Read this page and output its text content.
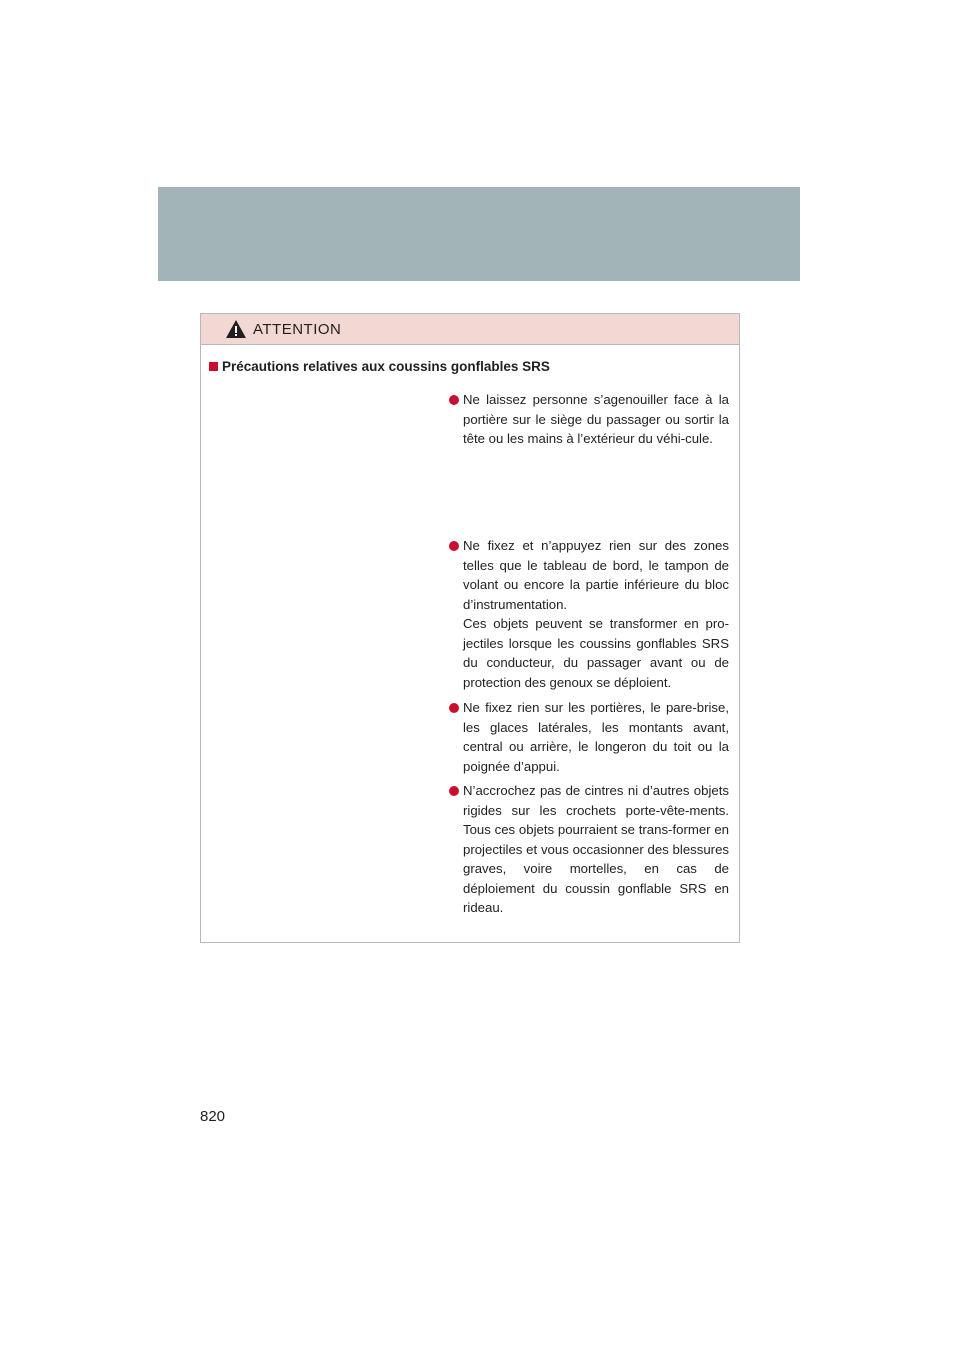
ATTENTION
Précautions relatives aux coussins gonflables SRS
Ne laissez personne s’agenouiller face à la portière sur le siège du passager ou sortir la tête ou les mains à l’extérieur du véhi-cule.
Ne fixez et n’appuyez rien sur des zones telles que le tableau de bord, le tampon de volant ou encore la partie inférieure du bloc d’instrumentation.
Ces objets peuvent se transformer en pro-jectiles lorsque les coussins gonflables SRS du conducteur, du passager avant ou de protection des genoux se déploient.
Ne fixez rien sur les portières, le pare-brise, les glaces latérales, les montants avant, central ou arrière, le longeron du toit ou la poignée d’appui.
N’accrochez pas de cintres ni d’autres objets rigides sur les crochets porte-vête-ments. Tous ces objets pourraient se trans-former en projectiles et vous occasionner des blessures graves, voire mortelles, en cas de déploiement du coussin gonflable SRS en rideau.
820
